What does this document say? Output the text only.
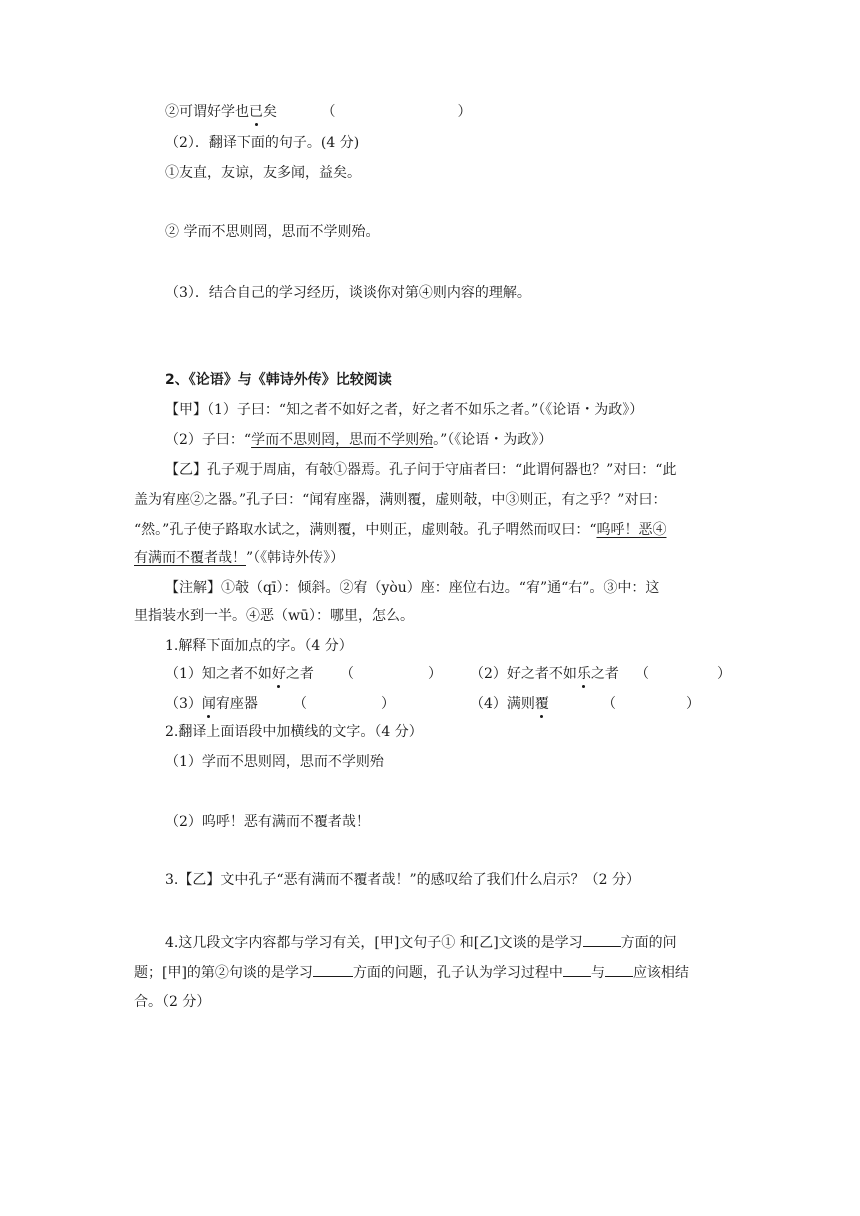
②可谓好学也已矣	（	）
（2）．翻译下面的句子。(4 分)
①友直，友谅，友多闻，益矣。
② 学而不思则罔，思而不学则殆。
（3）．结合自己的学习经历，谈谈你对第④则内容的理解。
2、《论语》与《韩诗外传》比较阅读
【甲】（1）子曰：“知之者不如好之者，好之者不如乐之者。”（《论语・为政》）
（2）子曰：“学而不思则罔，思而不学则殆。”（《论语・为政》）
【乙】孔子观于周庙，有攲①器焉。孔子问于守庙者曰：“此谓何器也？”对曰：“此
盖为宥座②之器。”孔子曰：“闻宥座器，满则覆，虚则攲，中③则正，有之乎？”对曰：
“然。”孔子使子路取水试之，满则覆，中则正，虚则攲。孔子喟然而叹曰：“呜呼！恶④
有满而不覆者哉！”（《韩诗外传》）
【注解】①攲（qī）：倾斜。②宥（yòu）座：座位右边。“宥”通“右”。③中：这
里指装水到一半。④恶（wū）：哪里，怎么。
1.解释下面加点的字。（4 分）
（1）知之者不如好之者 （	） （2）好之者不如乐之者 （	）
（3）闻宥座器	（	）	（4）满则覆	（	）
2.翻译上面语段中加横线的文字。（4 分）
（1）学而不思则罔，思而不学则殆
（2）呜呼！恶有满而不覆者哉！
3.【乙】文中孔子“恶有满而不覆者哉！”的感叹给了我们什么启示？（2 分）
4.这几段文字内容都与学习有关，[甲]文句子① 和[乙]文谈的是学习	方面的问
题；[甲]的第②句谈的是学习	方面的问题，孔子认为学习过程中 与 应该相结
合。（2 分）
